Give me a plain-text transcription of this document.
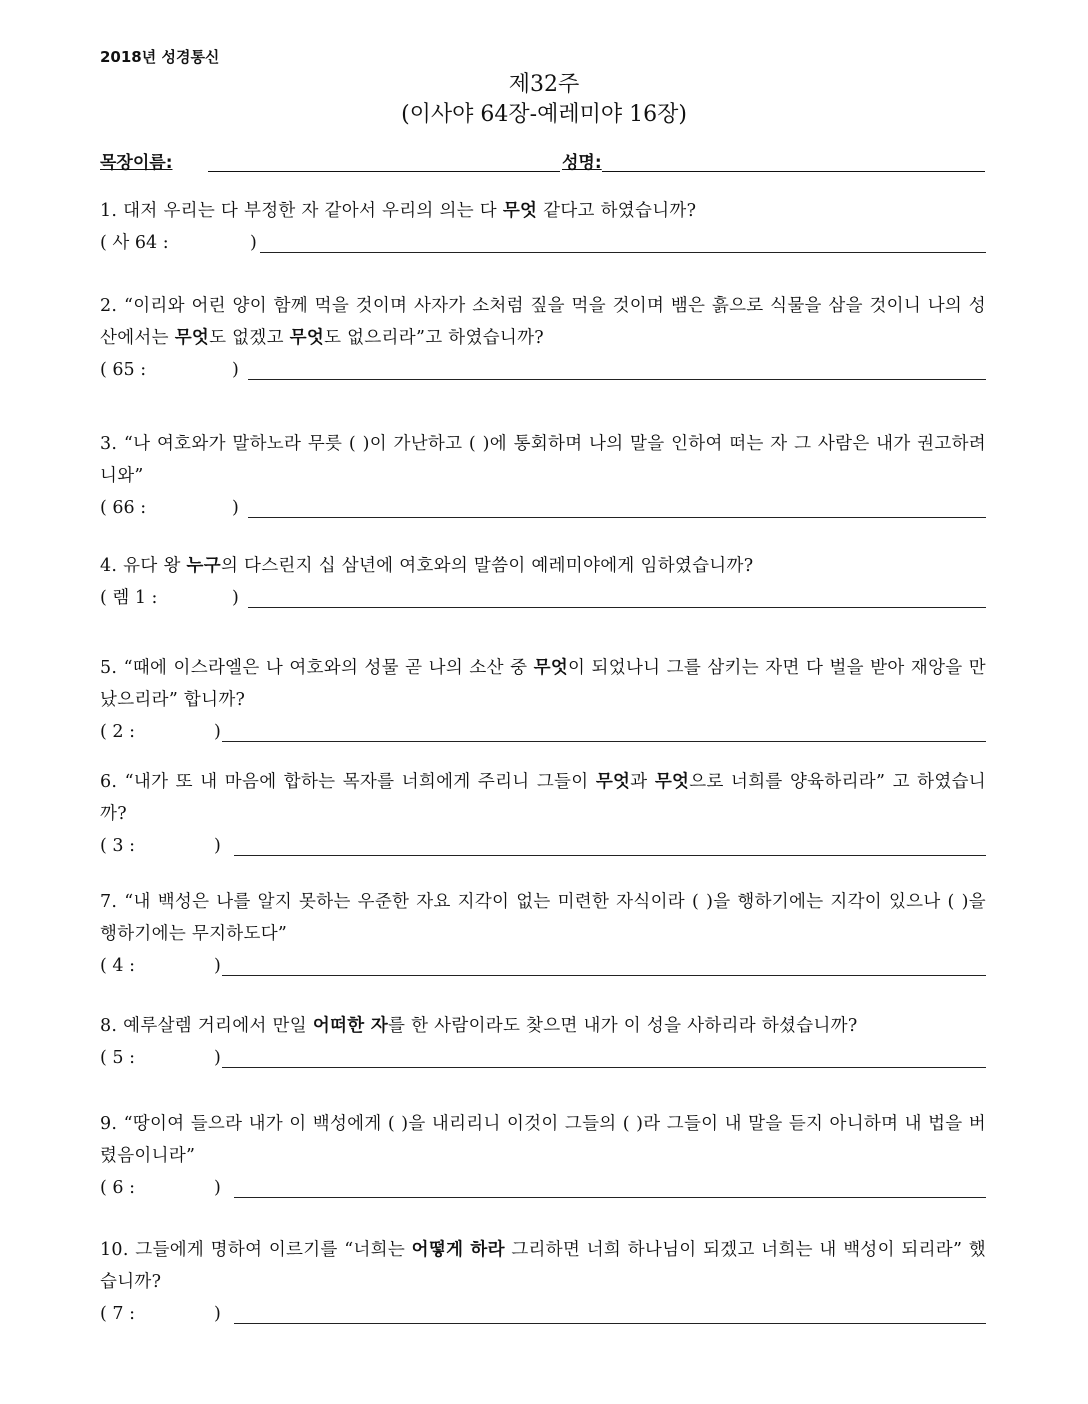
2018년 성경통신
제32주
(이사야 64장-예레미야 16장)
목장이름:	성명:
1. 대저 우리는 다 부정한 자 같아서 우리의 의는 다 무엇 같다고 하였습니까?
( 사 64 :	)
2. “이리와 어린 양이 함께 먹을 것이며 사자가 소처럼 짚을 먹을 것이며 뱀은 흙으로 식물을 삼을 것이니 나의 성산에서는 무엇도 없겠고 무엇도 없으리라”고 하였습니까?
( 65 :	)
3. “나 여호와가 말하노라 무릇 ( )이 가난하고 ( )에 통회하며 나의 말을 인하여 떠는 자 그 사람은 내가 권고하려니와”
( 66 :	)
4. 유다 왕 누구의 다스린지 십 삼년에 여호와의 말씀이 예레미야에게 임하였습니까?
( 렘 1 :	)
5. “때에 이스라엘은 나 여호와의 성물 곧 나의 소산 중 무엇이 되었나니 그를 삼키는 자면 다 벌을 받아 재앙을 만났으리라” 합니까?
( 2 :	)
6. “내가 또 내 마음에 합하는 목자를 너희에게 주리니 그들이 무엇과 무엇으로 너희를 양육하리라” 고 하였습니까?
( 3 :	)
7. “내 백성은 나를 알지 못하는 우준한 자요 지각이 없는 미련한 자식이라 ( )을 행하기에는 지각이 있으나 ( )을 행하기에는 무지하도다”
( 4 :	)
8. 예루살렘 거리에서 만일 어떠한 자를 한 사람이라도 찾으면 내가 이 성을 사하리라 하셨습니까?
( 5 :	)
9. “땅이여 들으라 내가 이 백성에게 ( )을 내리리니 이것이 그들의 ( )라 그들이 내 말을 듣지 아니하며 내 법을 버렸음이니라”
( 6 :	)
10. 그들에게 명하여 이르기를 “너희는 어떻게 하라 그리하면 너희 하나님이 되겠고 너희는 내 백성이 되리라” 했습니까?
( 7 :	)
